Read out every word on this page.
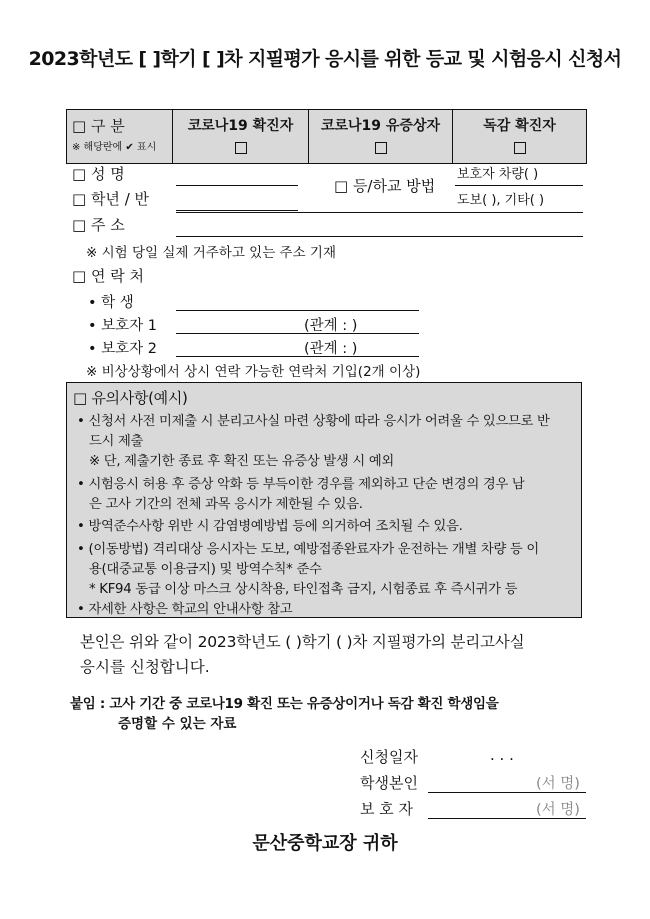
2023학년도 [ ]학기 [ ]차 지필평가 응시를 위한 등교 및 시험응시 신청서
□ 구 분
※ 해당란에 ✔ 표시

코로나19 확진자	코로나19 유증상자	독감 확진자
□ 성 명
□ 학년 / 반
□ 등/하교 방법
보호자 차량( )
도보( ), 기타( )
□ 주 소
※ 시험 당일 실제 거주하고 있는 주소 기재
□ 연 락 처
• 학 생
• 보호자 1	(관계 : )
• 보호자 2	(관계 : )
※ 비상상황에서 상시 연락 가능한 연락처 기입(2개 이상)
□ 유의사항(예시)
• 신청서 사전 미제출 시 분리고사실 마련 상황에 따라 응시가 어려울 수 있으므로 반
드시 제출
※ 단, 제출기한 종료 후 확진 또는 유증상 발생 시 예외
• 시험응시 허용 후 증상 악화 등 부득이한 경우를 제외하고 단순 변경의 경우 남
은 고사 기간의 전체 과목 응시가 제한될 수 있음.
• 방역준수사항 위반 시 감염병예방법 등에 의거하여 조치될 수 있음.
• (이동방법) 격리대상 응시자는 도보, 예방접종완료자가 운전하는 개별 차량 등 이
용(대중교통 이용금지) 및 방역수칙* 준수
* KF94 동급 이상 마스크 상시착용, 타인접촉 금지, 시험종료 후 즉시귀가 등
• 자세한 사항은 학교의 안내사항 참고
본인은 위와 같이 2023학년도 ( )학기 ( )차 지필평가의 분리고사실
응시를 신청합니다.
붙임 : 고사 기간 중 코로나19 확진 또는 유증상이거나 독감 확진 학생임을
증명할 수 있는 자료
신청일자	. . .
학생본인	(서 명)
보 호 자	(서 명)
문산중학교장 귀하
